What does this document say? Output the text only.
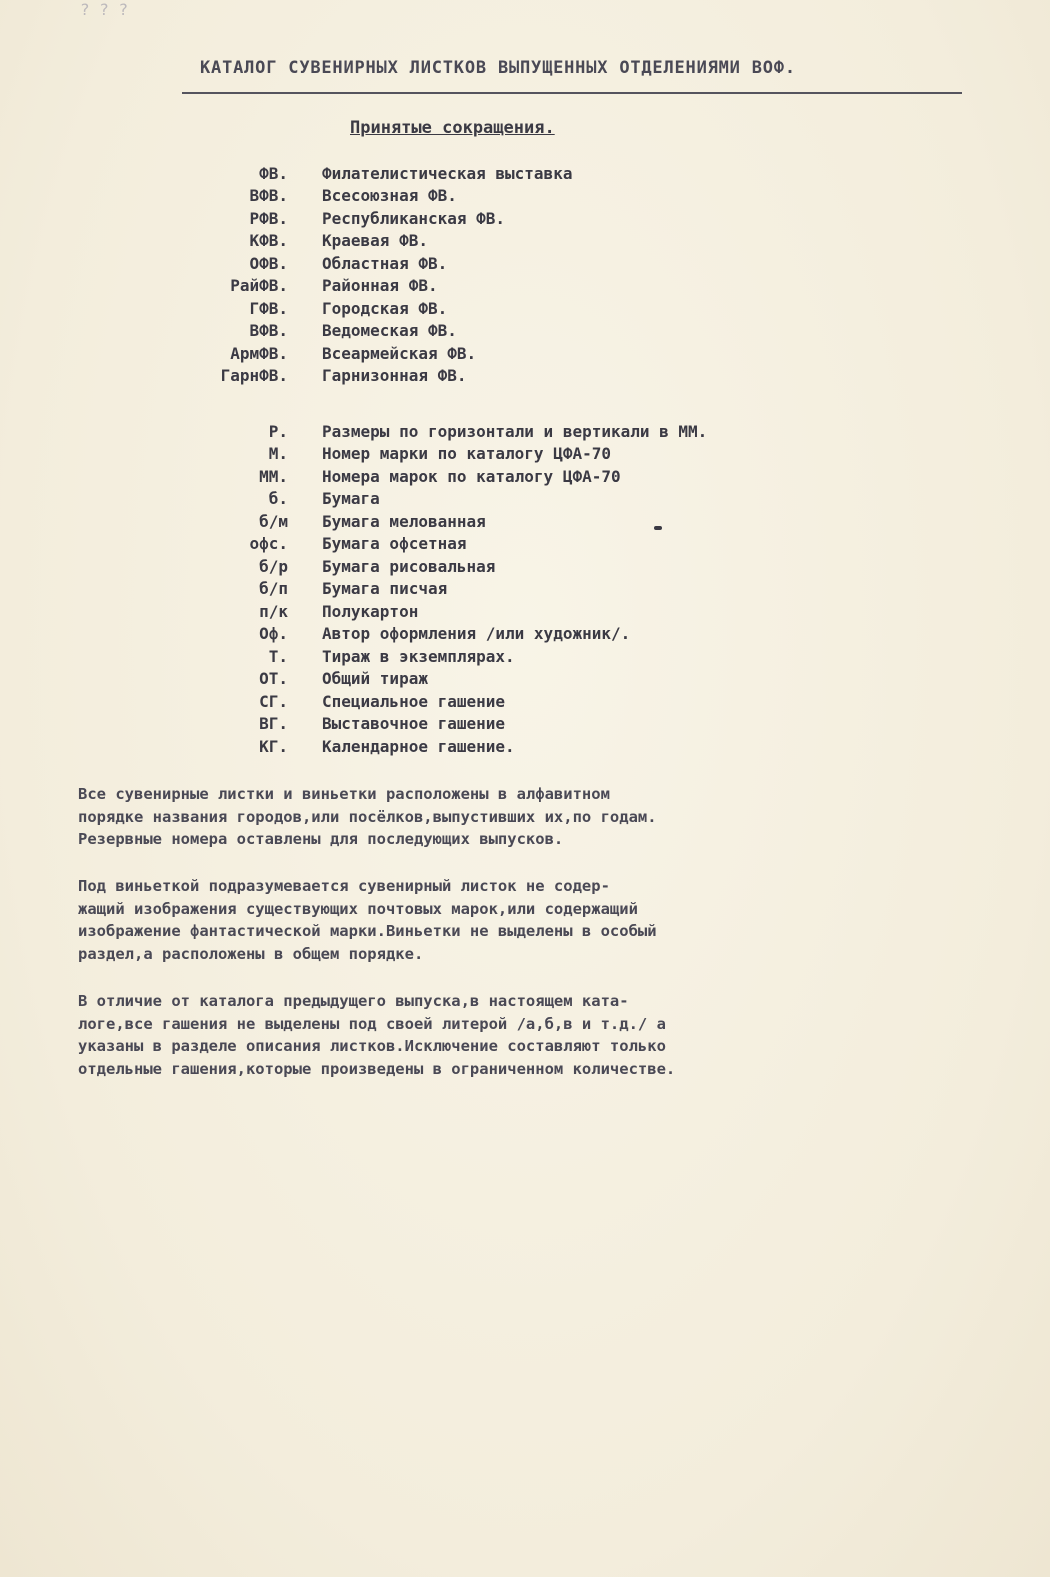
? ? ?
КАТАЛОГ СУВЕНИРНЫХ ЛИСТКОВ ВЫПУЩЕННЫХ ОТДЕЛЕНИЯМИ ВОФ.
Принятые сокращения.
ФВ.	Филателистическая выставка
ВФВ.	Всесоюзная ФВ.
РФВ.	Республиканская ФВ.
КФВ.	Краевая ФВ.
ОФВ.	Областная ФВ.
РайФВ.	Районная ФВ.
ГФВ.	Городская ФВ.
ВФВ.	Ведомеская ФВ.
АрмФВ.	Всеармейская ФВ.
ГарнФВ.	Гарнизонная ФВ.
Р.	Размеры по горизонтали и вертикали в ММ.
М.	Номер марки по каталогу ЦФА-70
ММ.	Номера марок по каталогу ЦФА-70
б.	Бумага
б/м	Бумага мелованная
офс.	Бумага офсетная
б/р	Бумага рисовальная
б/п	Бумага писчая
п/к	Полукартон
Оф.	Автор оформления /или художник/.
Т.	Тираж в экземплярах.
ОТ.	Общий тираж
СГ.	Специальное гашение
ВГ.	Выставочное гашение
КГ.	Календарное гашение.
Все сувенирные листки и виньетки расположены в алфавитном
порядке названия городов,или посёлков,выпустивших их,по годам.
Резервные номера оставлены для последующих выпусков.
Под виньеткой подразумевается сувенирный листок не содер-
жащий изображения существующих почтовых марок,или содержащий
изображение фантастической марки.Виньетки не выделены в особый
раздел,а расположены в общем порядке.
В отличие от каталога предыдущего выпуска,в настоящем ката-
логе,все гашения не выделены под своей литерой /а,б,в и т.д./ а
указаны в разделе описания листков.Исключение составляют только
отдельные гашения,которые произведены в ограниченном количестве.
